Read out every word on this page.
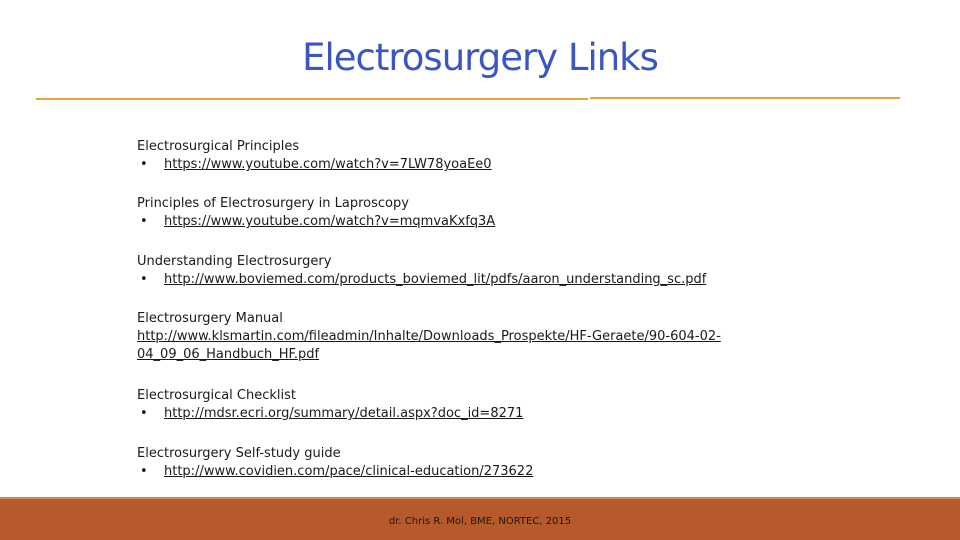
Electrosurgery Links
Electrosurgical Principles
• https://www.youtube.com/watch?v=7LW78yoaEe0
Principles of Electrosurgery in Laproscopy
• https://www.youtube.com/watch?v=mqmvaKxfq3A
Understanding Electrosurgery
• http://www.boviemed.com/products_boviemed_lit/pdfs/aaron_understanding_sc.pdf
Electrosurgery Manual
http://www.klsmartin.com/fileadmin/Inhalte/Downloads_Prospekte/HF-Geraete/90-604-02-
04_09_06_Handbuch_HF.pdf
Electrosurgical Checklist
• http://mdsr.ecri.org/summary/detail.aspx?doc_id=8271
Electrosurgery Self-study guide
• http://www.covidien.com/pace/clinical-education/273622
dr. Chris R. Mol, BME, NORTEC, 2015
